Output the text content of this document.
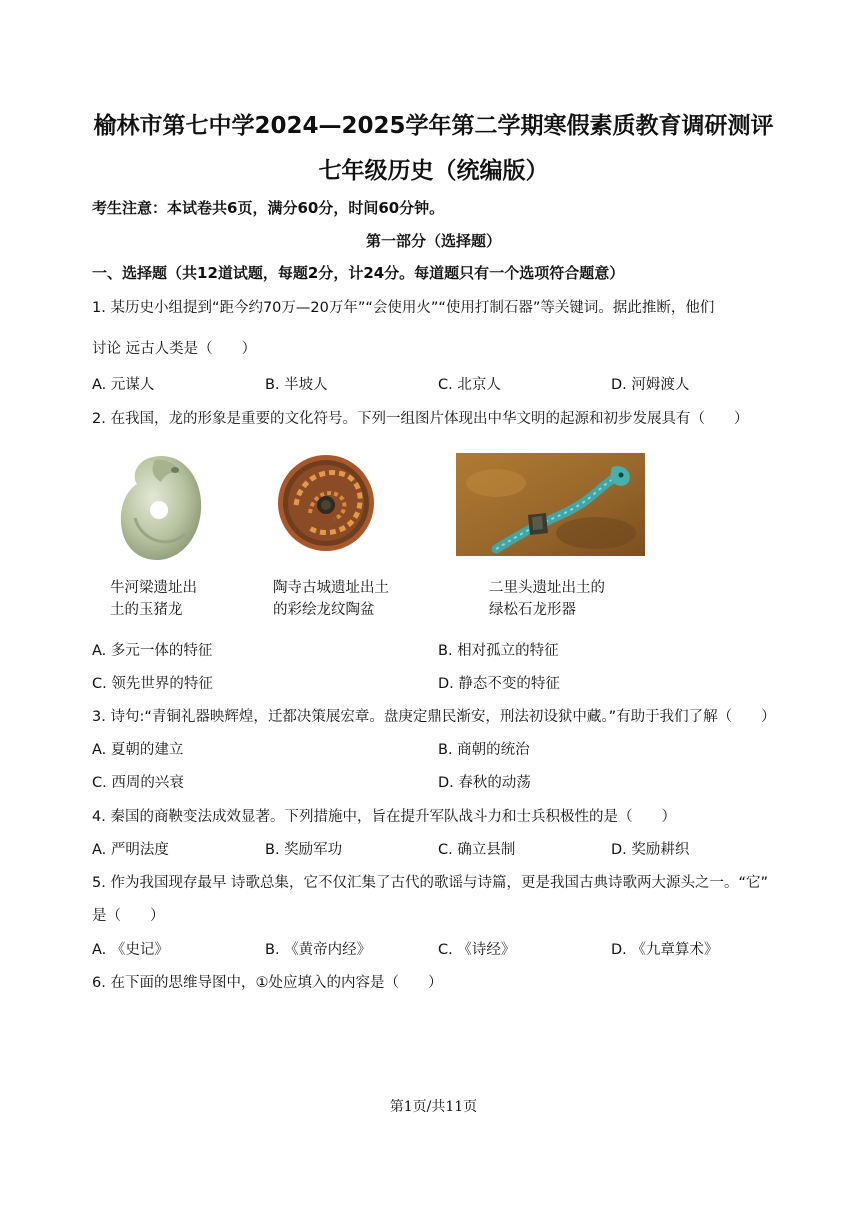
榆林市第七中学2024—2025学年第二学期寒假素质教育调研测评
七年级历史（统编版）
考生注意：本试卷共6页，满分60分，时间60分钟。
第一部分（选择题）
一、选择题（共12道试题，每题2分，计24分。每道题只有一个选项符合题意）
1. 某历史小组提到“距今约70万—20万年”“会使用火”“使用打制石器”等关键词。据此推断，他们
讨论 远古人类是（　　）
A. 元谋人	B. 半坡人	C. 北京人	D. 河姆渡人
2. 在我国，龙的形象是重要的文化符号。下列一组图片体现出中华文明的起源和初步发展具有（　　）
牛河梁遗址出土的玉猪龙
陶寺古城遗址出土的彩绘龙纹陶盆
二里头遗址出土的绿松石龙形器
A. 多元一体的特征	B. 相对孤立的特征
C. 领先世界的特征	D. 静态不变的特征
3. 诗句:“青铜礼器映辉煌，迁都决策展宏章。盘庚定鼎民渐安，刑法初设狱中藏。”有助于我们了解（　　）
A. 夏朝的建立	B. 商朝的统治
C. 西周的兴衰	D. 春秋的动荡
4. 秦国的商鞅变法成效显著。下列措施中，旨在提升军队战斗力和士兵积极性的是（　　）
A. 严明法度	B. 奖励军功	C. 确立县制	D. 奖励耕织
5. 作为我国现存最早 诗歌总集，它不仅汇集了古代的歌谣与诗篇，更是我国古典诗歌两大源头之一。“它”
是（　　）
A. 《史记》	B. 《黄帝内经》	C. 《诗经》	D. 《九章算术》
6. 在下面的思维导图中，①处应填入的内容是（　　）
第1页/共11页
